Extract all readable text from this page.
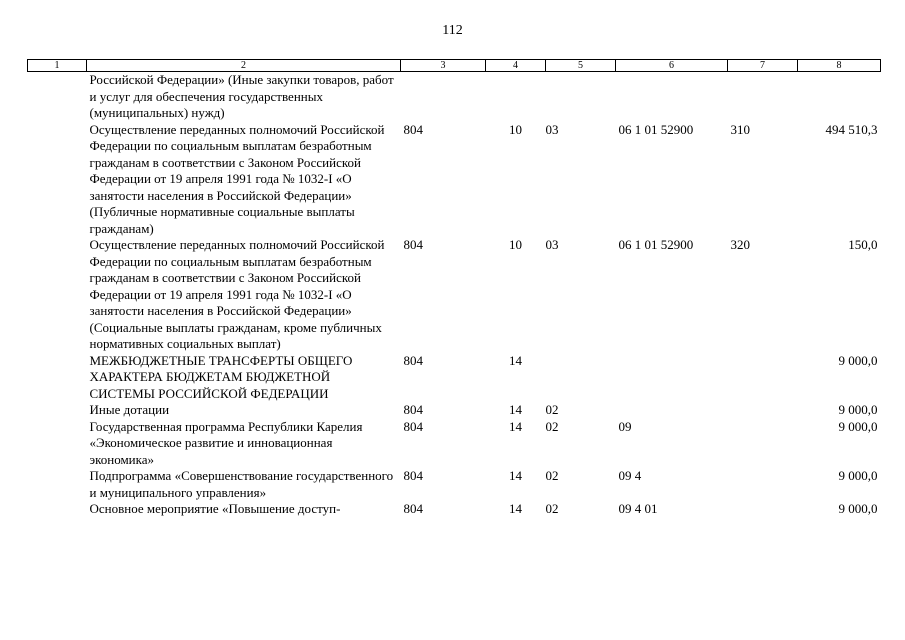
112
1	2	3	4	5	6	7	8
	Российской Федерации» (Иные закупки товаров, работ и услуг для обеспечения государственных (муниципальных) нужд)						
	Осуществление переданных полномочий Российской Федерации по социальным выплатам безработным гражданам в соответствии с Законом Российской Федерации от 19 апреля 1991 года № 1032-I «О занятости населения в Российской Федерации» (Публичные нормативные социальные выплаты гражданам)	804	10	03	06 1 01 52900	310	494 510,3
	Осуществление переданных полномочий Российской Федерации по социальным выплатам безработным гражданам в соответствии с Законом Российской Федерации от 19 апреля 1991 года № 1032-I «О занятости населения в Российской Федерации» (Социальные выплаты гражданам, кроме публичных нормативных социальных выплат)	804	10	03	06 1 01 52900	320	150,0
	МЕЖБЮДЖЕТНЫЕ ТРАНСФЕРТЫ ОБЩЕГО ХАРАКТЕРА БЮДЖЕТАМ БЮДЖЕТНОЙ СИСТЕМЫ РОССИЙСКОЙ ФЕДЕРАЦИИ	804	14				9 000,0
	Иные дотации	804	14	02			9 000,0
	Государственная программа Республики Карелия «Экономическое развитие и инновационная экономика»	804	14	02	09		9 000,0
	Подпрограмма «Совершенствование государственного и муниципального управления»	804	14	02	09 4		9 000,0
	Основное мероприятие «Повышение доступ-	804	14	02	09 4 01		9 000,0
